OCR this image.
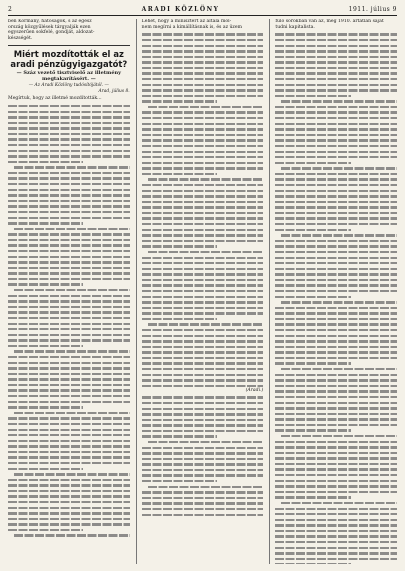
2	ARADI KÖZLÖNY	1911. július 9

ben Kormány, hatóságok, s az egész

ország közgyűlések tárgyalják ezen

egyszerűen sokfelé, gondját, aldozat-

készségét.

Miért mozdították el az aradi pénzügyigazgatót?
— Száz vezető tisztviselő az illetmény megtakarításért. —
— Az Aradi Közlöny tudósítójától. —
Arad, július 8.

Megírtuk, hogy az illetmé mozdították...

Lehet, hogy a minisztert az általa mol-

nem megírni a kimállításnak is, és az üzem

(Aradi.)

fűlő sorokban van az, meg 1910. ártatlan saját

tudni kapitalista.
